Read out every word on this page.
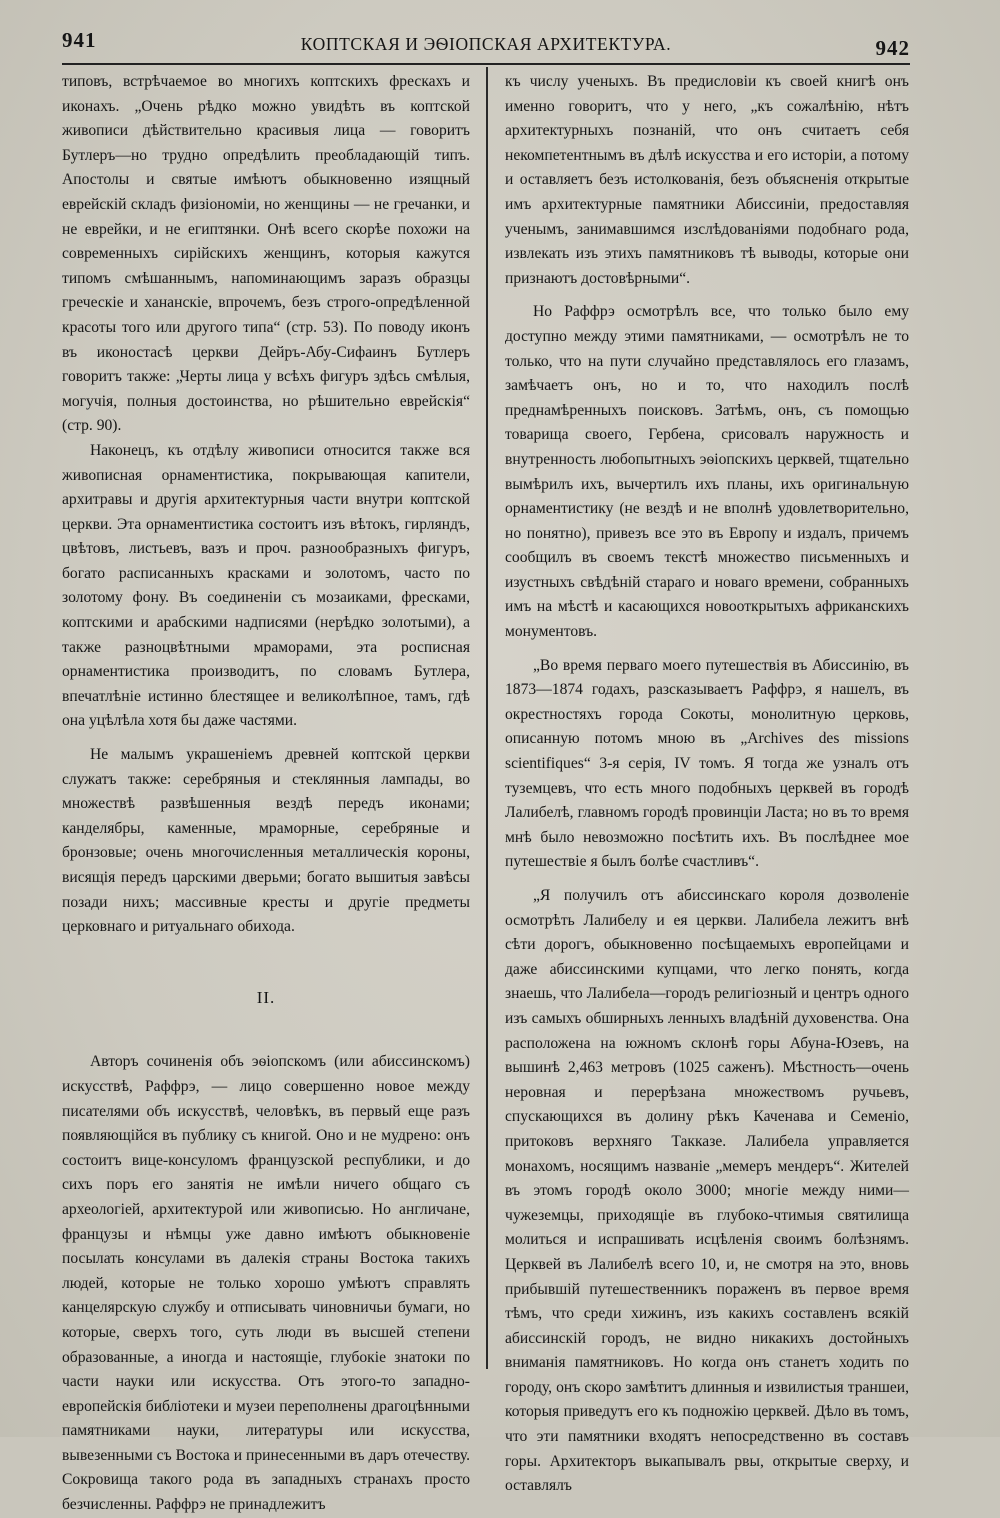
941	КОПТСКАЯ И ЭѲІОПСКАЯ АРХИТЕКТУРА.	942

типовъ, встрѣчаемое во многихъ коптскихъ фрескахъ и иконахъ. „Очень рѣдко можно увидѣть въ коптской живописи дѣйствительно красивыя лица — говоритъ Бутлеръ—но трудно опредѣлить преобладающій типъ. Апостолы и святые имѣютъ обыкновенно изящный еврейскій складъ физіономіи, но женщины — не гречанки, и не еврейки, и не египтянки. Онѣ всего скорѣе похожи на современныхъ сирійскихъ женщинъ, которыя кажутся типомъ смѣшаннымъ, напоминающимъ заразъ образцы греческіе и хананскіе, впрочемъ, безъ строго-опредѣленной красоты того или другого типа“ (стр. 53). По поводу иконъ въ иконостасѣ церкви Дейръ-Абу-Сифаинъ Бутлеръ говоритъ также: „Черты лица у всѣхъ фигуръ здѣсь смѣлыя, могучія, полныя достоинства, но рѣшительно еврейскія“ (стр. 90).

Наконецъ, къ отдѣлу живописи относится также вся живописная орнаментистика, покрывающая капители, архитравы и другія архитектурныя части внутри коптской церкви. Эта орнаментистика состоитъ изъ вѣтокъ, гирляндъ, цвѣтовъ, листьевъ, вазъ и проч. разнообразныхъ фигуръ, богато расписанныхъ красками и золотомъ, часто по золотому фону. Въ соединеніи съ мозаиками, фресками, коптскими и арабскими надписями (нерѣдко золотыми), а также разноцвѣтными мраморами, эта росписная орнаментистика производитъ, по словамъ Бутлера, впечатлѣніе истинно блестящее и великолѣпное, тамъ, гдѣ она уцѣлѣла хотя бы даже частями.

Не малымъ украшеніемъ древней коптской церкви служатъ также: серебряныя и стеклянныя лампады, во множествѣ развѣшенныя вездѣ передъ иконами; канделябры, каменные, мраморные, серебряные и бронзовые; очень многочисленныя металлическія короны, висящія передъ царскими дверьми; богато вышитыя завѣсы позади нихъ; массивные кресты и другіе предметы церковнаго и ритуальнаго обихода.

II.

Авторъ сочиненія объ эѳіопскомъ (или абиссинскомъ) искусствѣ, Раффрэ, — лицо совершенно новое между писателями объ искусствѣ, человѣкъ, въ первый еще разъ появляющійся въ публику съ книгой. Оно и не мудрено: онъ состоитъ вице-консуломъ французской республики, и до сихъ поръ его занятія не имѣли ничего общаго съ археологіей, архитектурой или живописью. Но англичане, французы и нѣмцы уже давно имѣютъ обыкновеніе посылать консулами въ далекія страны Востока такихъ людей, которые не только хорошо умѣютъ справлять канцелярскую службу и отписывать чиновничьи бумаги, но которые, сверхъ того, суть люди въ высшей степени образованные, а иногда и настоящіе, глубокіе знатоки по части науки или искусства. Отъ этого-то западно-европейскія библіотеки и музеи переполнены драгоцѣнными памятниками науки, литературы или искусства, вывезенными съ Востока и принесенными въ даръ отечеству. Сокровища такого рода въ западныхъ странахъ просто безчисленны. Раффрэ не принадлежитъ

къ числу ученыхъ. Въ предисловіи къ своей книгѣ онъ именно говоритъ, что у него, „къ сожалѣнію, нѣтъ архитектурныхъ познаній, что онъ считаетъ себя некомпетентнымъ въ дѣлѣ искусства и его исторіи, а потому и оставляетъ безъ истолкованія, безъ объясненія открытые имъ архитектурные памятники Абиссиніи, предоставляя ученымъ, занимавшимся изслѣдованіями подобнаго рода, извлекать изъ этихъ памятниковъ тѣ выводы, которые они признаютъ достовѣрными“.

Но Раффрэ осмотрѣлъ все, что только было ему доступно между этими памятниками, — осмотрѣлъ не то только, что на пути случайно представлялось его глазамъ, замѣчаетъ онъ, но и то, что находилъ послѣ преднамѣренныхъ поисковъ. Затѣмъ, онъ, съ помощью товарища своего, Гербена, срисовалъ наружность и внутренность любопытныхъ эѳіопскихъ церквей, тщательно вымѣрилъ ихъ, вычертилъ ихъ планы, ихъ оригинальную орнаментистику (не вездѣ и не вполнѣ удовлетворительно, но понятно), привезъ все это въ Европу и издалъ, причемъ сообщилъ въ своемъ текстѣ множество письменныхъ и изустныхъ свѣдѣній стараго и новаго времени, собранныхъ имъ на мѣстѣ и касающихся новооткрытыхъ африканскихъ монументовъ.

„Во время перваго моего путешествія въ Абиссинію, въ 1873—1874 годахъ, разсказываетъ Раффрэ, я нашелъ, въ окрестностяхъ города Сокоты, монолитную церковь, описанную потомъ мною въ „Archives des missions scientifiques“ 3-я серія, IV томъ. Я тогда же узналъ отъ туземцевъ, что есть много подобныхъ церквей въ городѣ Лалибелѣ, главномъ городѣ провинціи Ласта; но въ то время мнѣ было невозможно посѣтить ихъ. Въ послѣднее мое путешествіе я былъ болѣе счастливъ“.

„Я получилъ отъ абиссинскаго короля дозволеніе осмотрѣть Лалибелу и ея церкви. Лалибела лежитъ внѣ сѣти дорогъ, обыкновенно посѣщаемыхъ европейцами и даже абиссинскими купцами, что легко понять, когда знаешь, что Лалибела—городъ религіозный и центръ одного изъ самыхъ обширныхъ ленныхъ владѣній духовенства. Она расположена на южномъ склонѣ горы Абуна-Юзевъ, на вышинѣ 2,463 метровъ (1025 саженъ). Мѣстность—очень неровная и перерѣзана множествомъ ручьевъ, спускающихся въ долину рѣкъ Каченава и Семеніо, притоковъ верхняго Такказе. Лалибела управляется монахомъ, носящимъ названіе „мемеръ мендеръ“. Жителей въ этомъ городѣ около 3000; многіе между ними—чужеземцы, приходящіе въ глубоко-чтимыя святилища молиться и испрашивать исцѣленія своимъ болѣзнямъ. Церквей въ Лалибелѣ всего 10, и, не смотря на это, вновь прибывшій путешественникъ пораженъ въ первое время тѣмъ, что среди хижинъ, изъ какихъ составленъ всякій абиссинскій городъ, не видно никакихъ достойныхъ вниманія памятниковъ. Но когда онъ станетъ ходить по городу, онъ скоро замѣтитъ длинныя и извилистыя траншеи, которыя приведутъ его къ подножію церквей. Дѣло въ томъ, что эти памятники входятъ непосредственно въ составъ горы. Архитекторъ выкапывалъ рвы, открытые сверху, и оставлялъ
